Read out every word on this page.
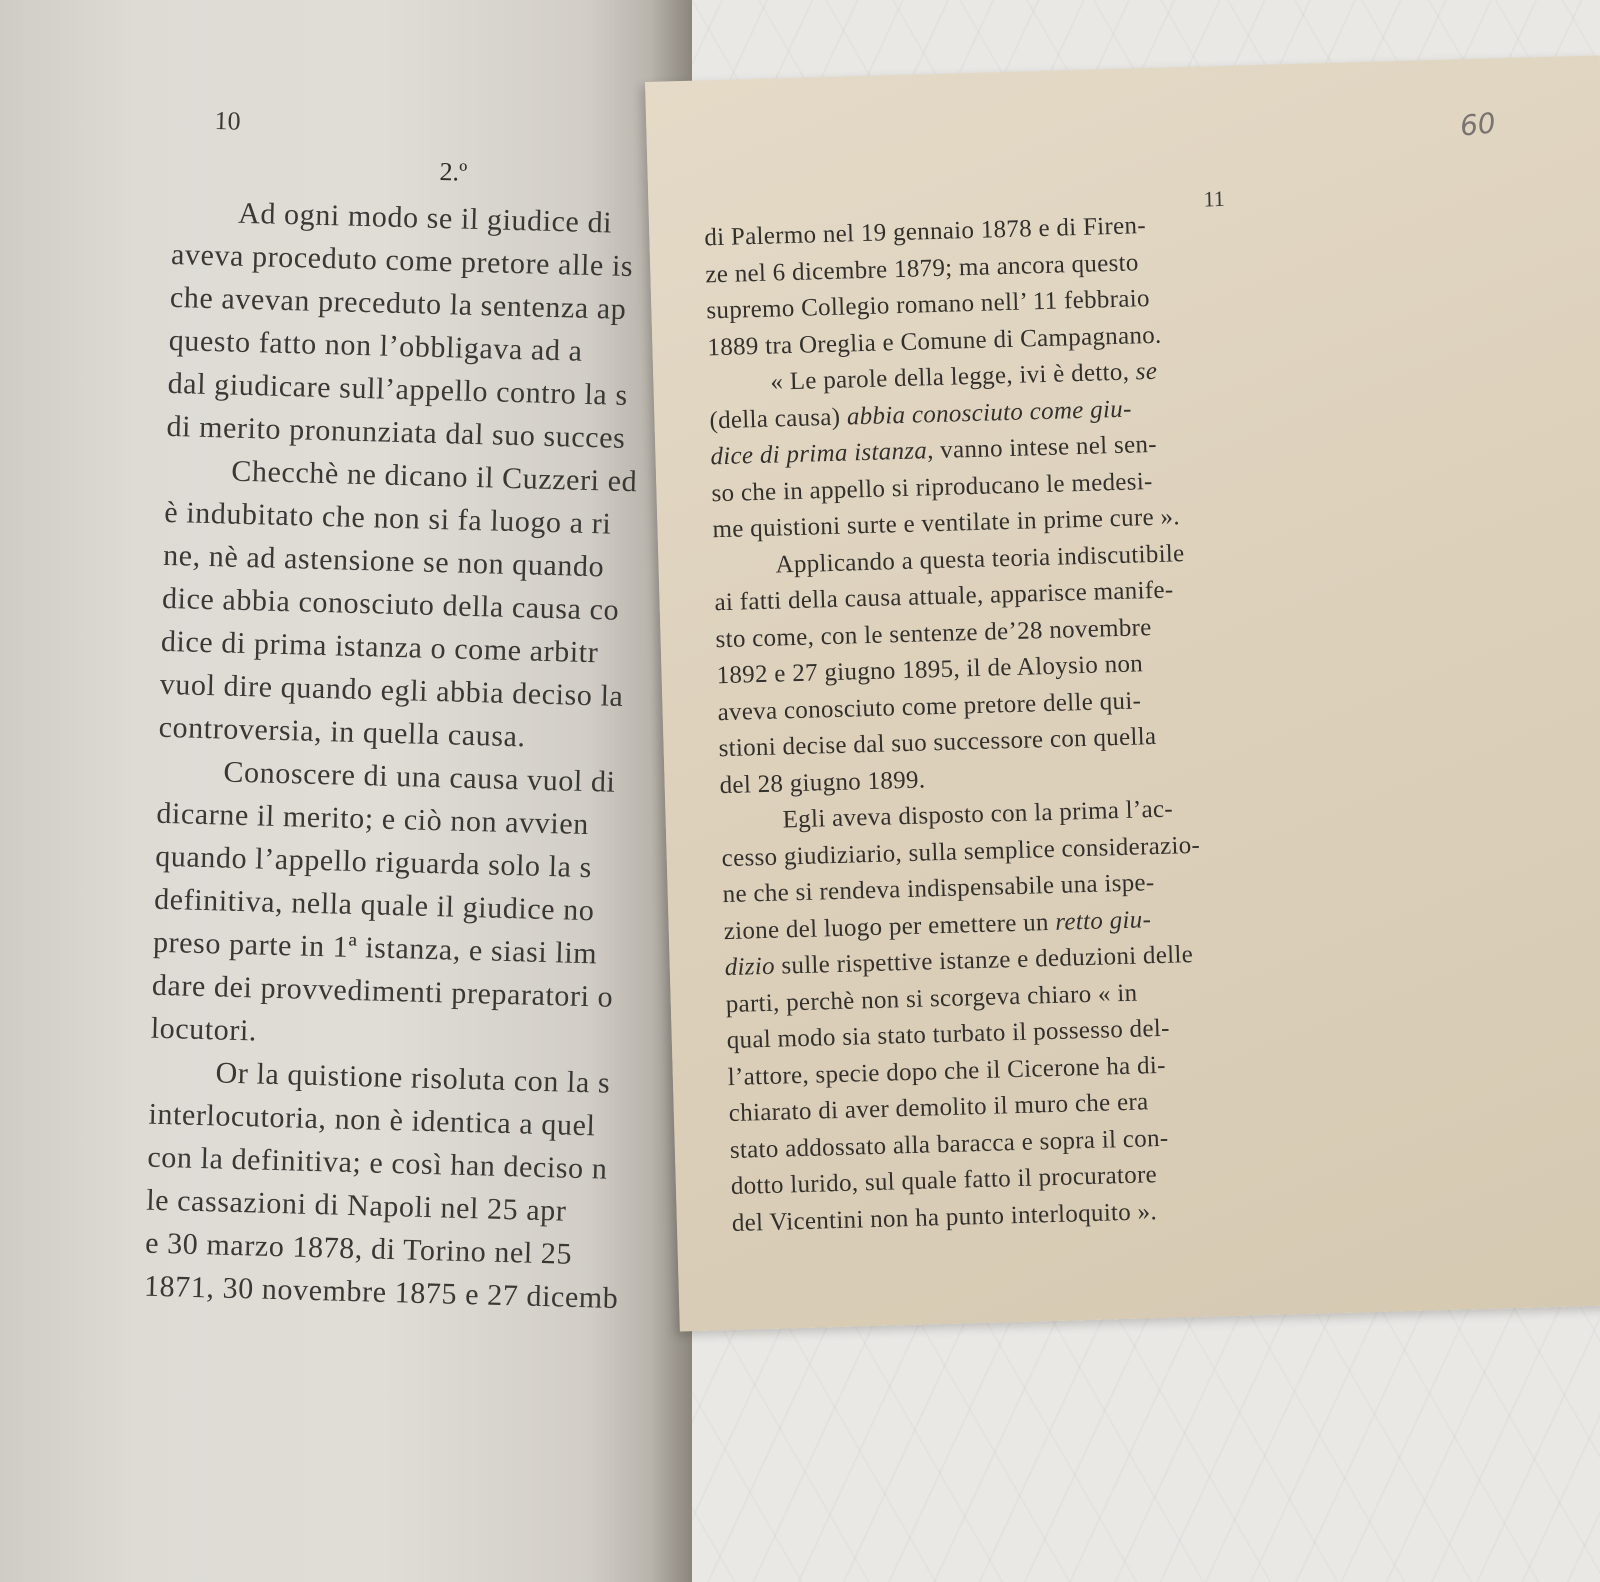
10
2.º
Ad ogni modo se il giudice di
aveva proceduto come pretore alle is
che avevan preceduto la sentenza ap
questo fatto non l’obbligava ad a
dal giudicare sull’appello contro la s
di merito pronunziata dal suo succes
Checchè ne dicano il Cuzzeri ed
è indubitato che non si fa luogo a ri
ne, nè ad astensione se non quando
dice abbia conosciuto della causa co
dice di prima istanza o come arbitr
vuol dire quando egli abbia deciso la
controversia, in quella causa.
Conoscere di una causa vuol di
dicarne il merito; e ciò non avvien
quando l’appello riguarda solo la s
definitiva, nella quale il giudice no
preso parte in 1ª istanza, e siasi lim
dare dei provvedimenti preparatori o
locutori.
Or la quistione risoluta con la s
interlocutoria, non è identica a quel
con la definitiva; e così han deciso n
le cassazioni di Napoli nel 25 apr
e 30 marzo 1878, di Torino nel 25
1871, 30 novembre 1875 e 27 dicemb
11
di Palermo nel 19 gennaio 1878 e di Firen-
ze nel 6 dicembre 1879; ma ancora questo
supremo Collegio romano nell’ 11 febbraio
1889 tra Oreglia e Comune di Campagnano.
« Le parole della legge, ivi è detto, se
(della causa) abbia conosciuto come giu-
dice di prima istanza, vanno intese nel sen-
so che in appello si riproducano le medesi-
me quistioni surte e ventilate in prime cure ».
Applicando a questa teoria indiscutibile
ai fatti della causa attuale, apparisce manife-
sto come, con le sentenze de’28 novembre
1892 e 27 giugno 1895, il de Aloysio non
aveva conosciuto come pretore delle qui-
stioni decise dal suo successore con quella
del 28 giugno 1899.
Egli aveva disposto con la prima l’ac-
cesso giudiziario, sulla semplice considerazio-
ne che si rendeva indispensabile una ispe-
zione del luogo per emettere un retto giu-
dizio sulle rispettive istanze e deduzioni delle
parti, perchè non si scorgeva chiaro « in
qual modo sia stato turbato il possesso del-
l’attore, specie dopo che il Cicerone ha di-
chiarato di aver demolito il muro che era
stato addossato alla baracca e sopra il con-
dotto lurido, sul quale fatto il procuratore
del Vicentini non ha punto interloquito ».
60
